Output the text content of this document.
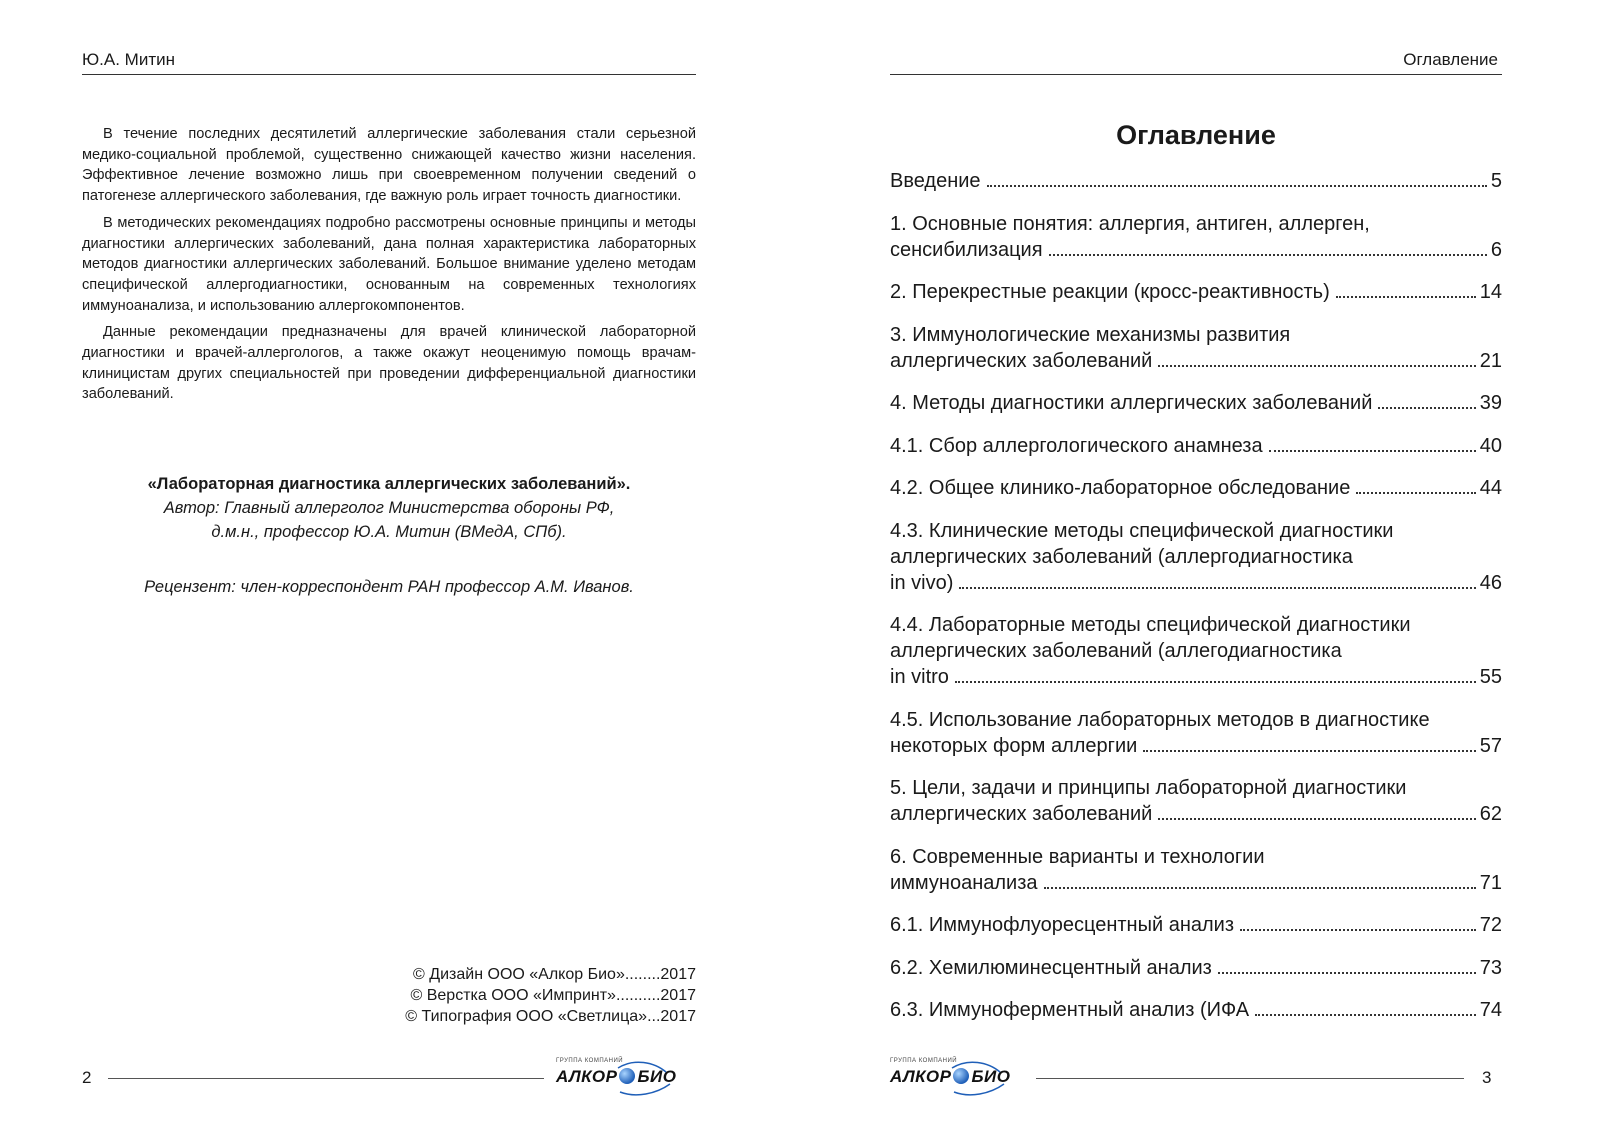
Ю.А. Митин

В течение последних десятилетий аллергические заболевания стали серьезной медико-социальной проблемой, существенно снижающей качество жизни населения. Эффективное лечение возможно лишь при своевременном получении сведений о патогенезе аллергического заболевания, где важную роль играет точность диагностики.

В методических рекомендациях подробно рассмотрены основные принципы и методы диагностики аллергических заболеваний, дана полная характеристика лабораторных методов диагностики аллергических заболеваний. Большое внимание уделено методам специфической аллергодиагностики, основанным на современных технологиях иммуноанализа, и использованию аллергокомпонентов.

Данные рекомендации предназначены для врачей клинической лабораторной диагностики и врачей-аллергологов, а также окажут неоценимую помощь врачам-клиницистам других специальностей при проведении дифференциальной диагностики заболеваний.

«Лабораторная диагностика аллергических заболеваний».
Автор: Главный аллерголог Министерства обороны РФ,
д.м.н., профессор Ю.А. Митин (ВМедА, СПб).
Рецензент: член-корреспондент РАН профессор А.М. Иванов.
© Дизайн ООО «Алкор Био»........2017
© Верстка ООО «Импринт»..........2017
© Типография ООО «Светлица»...2017
2
ГРУППА КОМПАНИЙ
АЛКОР БИО
Оглавление
Оглавление
Введение	5
1. Основные понятия: аллергия, антиген, аллерген,
сенсибилизация	6
2. Перекрестные реакции (кросс-реактивность)	14
3. Иммунологические механизмы развития
аллергических заболеваний	21
4. Методы диагностики аллергических заболеваний	39
4.1. Сбор аллергологического анамнеза	40
4.2. Общее клинико-лабораторное обследование	44
4.3. Клинические методы специфической диагностики
аллергических заболеваний (аллергодиагностика
in vivo)	46
4.4. Лабораторные методы специфической диагностики
аллергических заболеваний (аллегодиагностика
in vitro	55
4.5. Использование лабораторных методов в диагностике
некоторых форм аллергии	57
5. Цели, задачи и принципы лабораторной диагностики
аллергических заболеваний	62
6. Современные варианты и технологии
иммуноанализа	71
6.1. Иммунофлуоресцентный анализ	72
6.2. Хемилюминесцентный анализ	73
6.3. Иммуноферментный анализ (ИФА	74
ГРУППА КОМПАНИЙ
АЛКОР БИО	3
